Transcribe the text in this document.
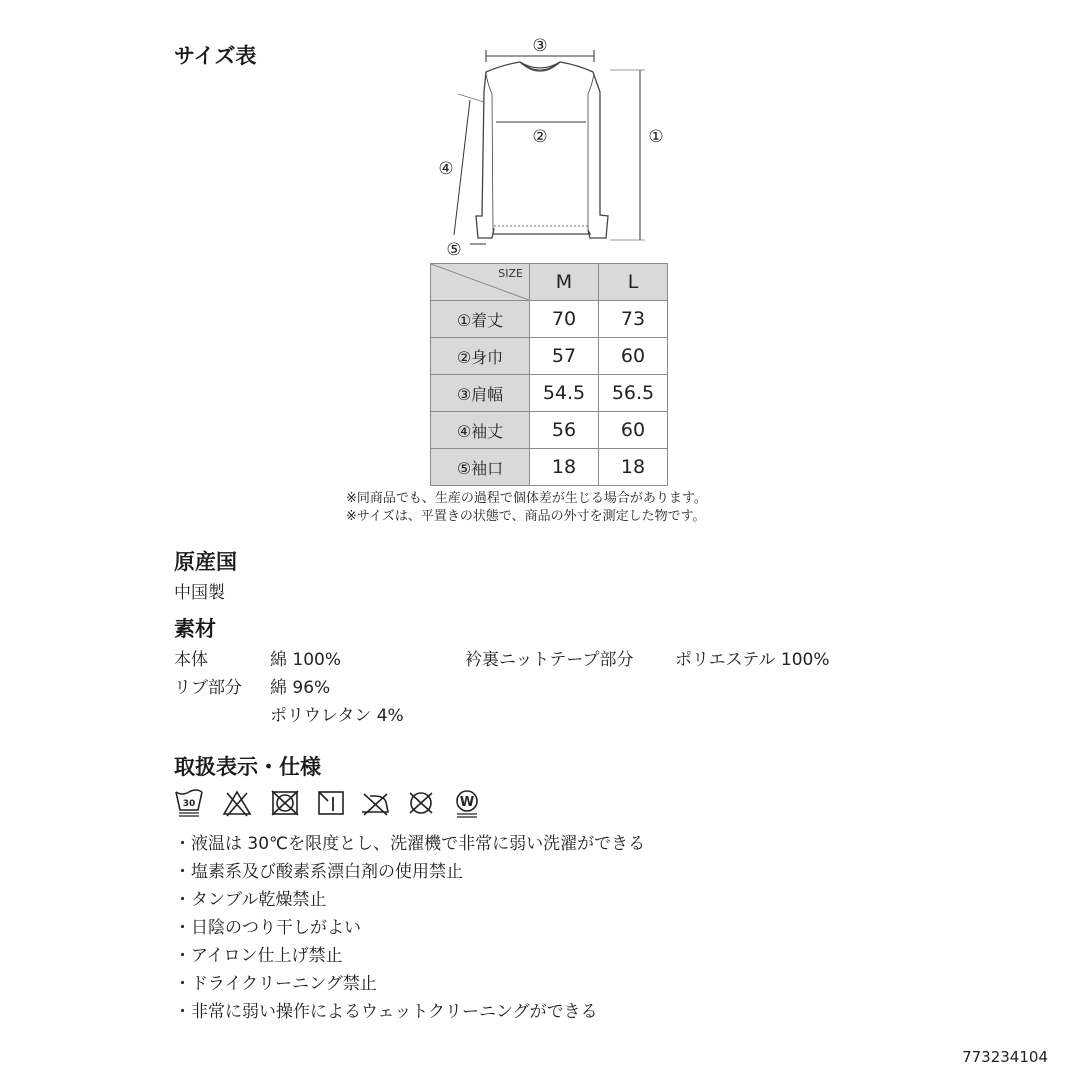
サイズ表	③
②	①
④
⑤
SIZE	M	L
①着丈	70	73
②身巾	57	60
③肩幅	54.5	56.5
④袖丈	56	60
⑤袖口	18	18
※同商品でも、生産の過程で個体差が生じる場合があります。
※サイズは、平置きの状態で、商品の外寸を測定した物です。
原産国
中国製
素材
本体	綿 100%	衿裏ニットテープ部分 ポリエステル 100%
リブ部分 綿 96%
ポリウレタン 4%
取扱表示・仕様
30	W
・液温は 30℃を限度とし、洗濯機で非常に弱い洗濯ができる
・塩素系及び酸素系漂白剤の使用禁止
・タンブル乾燥禁止
・日陰のつり干しがよい
・アイロン仕上げ禁止
・ドライクリーニング禁止
・非常に弱い操作によるウェットクリーニングができる
773234104
